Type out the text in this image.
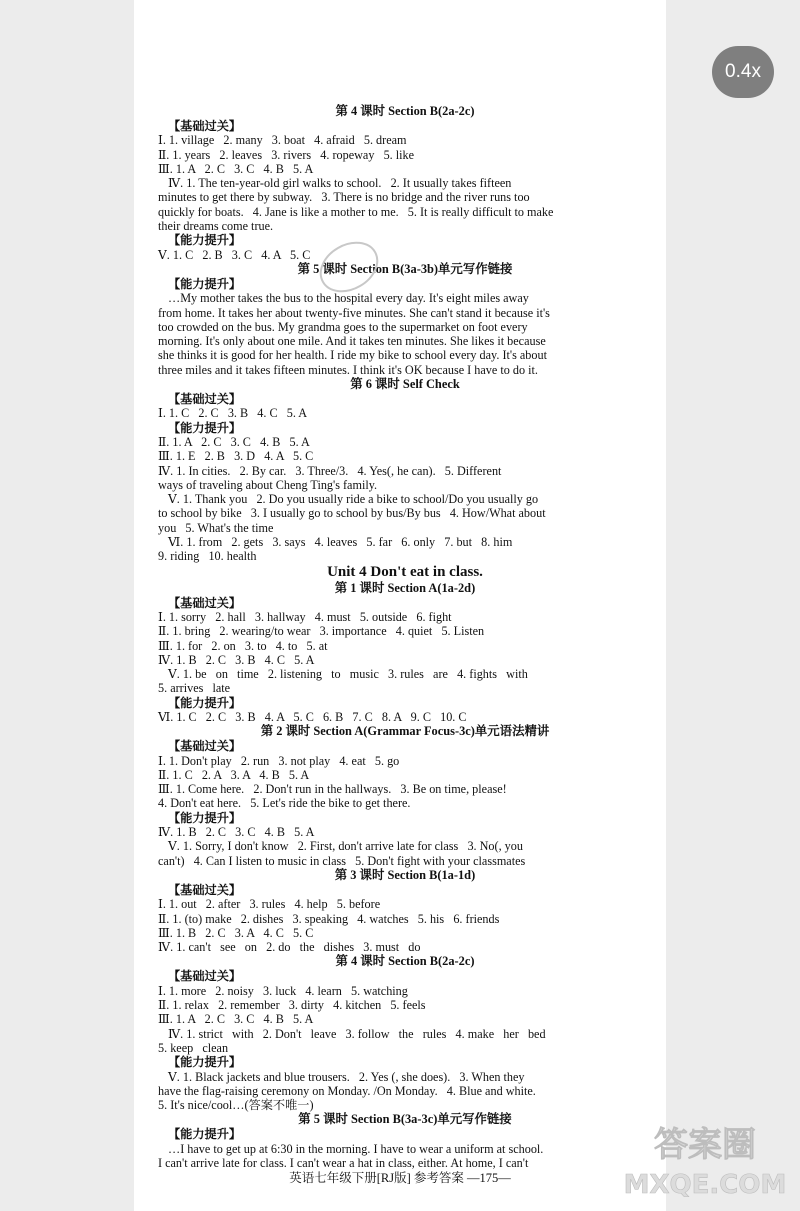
第 4 课时 Section B(2a-2c)
【基础过关】
Ⅰ. 1. village   2. many   3. boat   4. afraid   5. dream
Ⅱ. 1. years   2. leaves   3. rivers   4. ropeway   5. like
Ⅲ. 1. A   2. C   3. C   4. B   5. A
Ⅳ. 1. The ten-year-old girl walks to school.   2. It usually takes fifteen
minutes to get there by subway.   3. There is no bridge and the river runs too
quickly for boats.   4. Jane is like a mother to me.   5. It is really difficult to make
their dreams come true.
【能力提升】
Ⅴ. 1. C   2. B   3. C   4. A   5. C
第 5 课时 Section B(3a-3b)单元写作链接
【能力提升】
…My mother takes the bus to the hospital every day. It's eight miles away
from home. It takes her about twenty-five minutes. She can't stand it because it's
too crowded on the bus. My grandma goes to the supermarket on foot every
morning. It's only about one mile. And it takes ten minutes. She likes it because
she thinks it is good for her health. I ride my bike to school every day. It's about
three miles and it takes fifteen minutes. I think it's OK because I have to do it.
第 6 课时 Self Check
【基础过关】
Ⅰ. 1. C   2. C   3. B   4. C   5. A
【能力提升】
Ⅱ. 1. A   2. C   3. C   4. B   5. A
Ⅲ. 1. E   2. B   3. D   4. A   5. C
Ⅳ. 1. In cities.   2. By car.   3. Three/3.   4. Yes(, he can).   5. Different
ways of traveling about Cheng Ting's family.
Ⅴ. 1. Thank you   2. Do you usually ride a bike to school/Do you usually go
to school by bike   3. I usually go to school by bus/By bus   4. How/What about
you   5. What's the time
Ⅵ. 1. from   2. gets   3. says   4. leaves   5. far   6. only   7. but   8. him
9. riding   10. health
Unit 4 Don't eat in class.
第 1 课时 Section A(1a-2d)
【基础过关】
Ⅰ. 1. sorry   2. hall   3. hallway   4. must   5. outside   6. fight
Ⅱ. 1. bring   2. wearing/to wear   3. importance   4. quiet   5. Listen
Ⅲ. 1. for   2. on   3. to   4. to   5. at
Ⅳ. 1. B   2. C   3. B   4. C   5. A
Ⅴ. 1. be   on   time   2. listening   to   music   3. rules   are   4. fights   with
5. arrives   late
【能力提升】
Ⅵ. 1. C   2. C   3. B   4. A   5. C   6. B   7. C   8. A   9. C   10. C
第 2 课时 Section A(Grammar Focus-3c)单元语法精讲
【基础过关】
Ⅰ. 1. Don't play   2. run   3. not play   4. eat   5. go
Ⅱ. 1. C   2. A   3. A   4. B   5. A
Ⅲ. 1. Come here.   2. Don't run in the hallways.   3. Be on time, please!
4. Don't eat here.   5. Let's ride the bike to get there.
【能力提升】
Ⅳ. 1. B   2. C   3. C   4. B   5. A
Ⅴ. 1. Sorry, I don't know   2. First, don't arrive late for class   3. No(, you
can't)   4. Can I listen to music in class   5. Don't fight with your classmates
第 3 课时 Section B(1a-1d)
【基础过关】
Ⅰ. 1. out   2. after   3. rules   4. help   5. before
Ⅱ. 1. (to) make   2. dishes   3. speaking   4. watches   5. his   6. friends
Ⅲ. 1. B   2. C   3. A   4. C   5. C
Ⅳ. 1. can't   see   on   2. do   the   dishes   3. must   do
第 4 课时 Section B(2a-2c)
【基础过关】
Ⅰ. 1. more   2. noisy   3. luck   4. learn   5. watching
Ⅱ. 1. relax   2. remember   3. dirty   4. kitchen   5. feels
Ⅲ. 1. A   2. C   3. C   4. B   5. A
Ⅳ. 1. strict   with   2. Don't   leave   3. follow   the   rules   4. make   her   bed
5. keep   clean
【能力提升】
Ⅴ. 1. Black jackets and blue trousers.   2. Yes (, she does).   3. When they
have the flag-raising ceremony on Monday. /On Monday.   4. Blue and white.
5. It's nice/cool…(答案不唯一)
第 5 课时 Section B(3a-3c)单元写作链接
【能力提升】
…I have to get up at 6:30 in the morning. I have to wear a uniform at school.
I can't arrive late for class. I can't wear a hat in class, either. At home, I can't
英语七年级下册[RJ版] 参考答案 —175—
0.4x
答案圈
MXQE.COM
